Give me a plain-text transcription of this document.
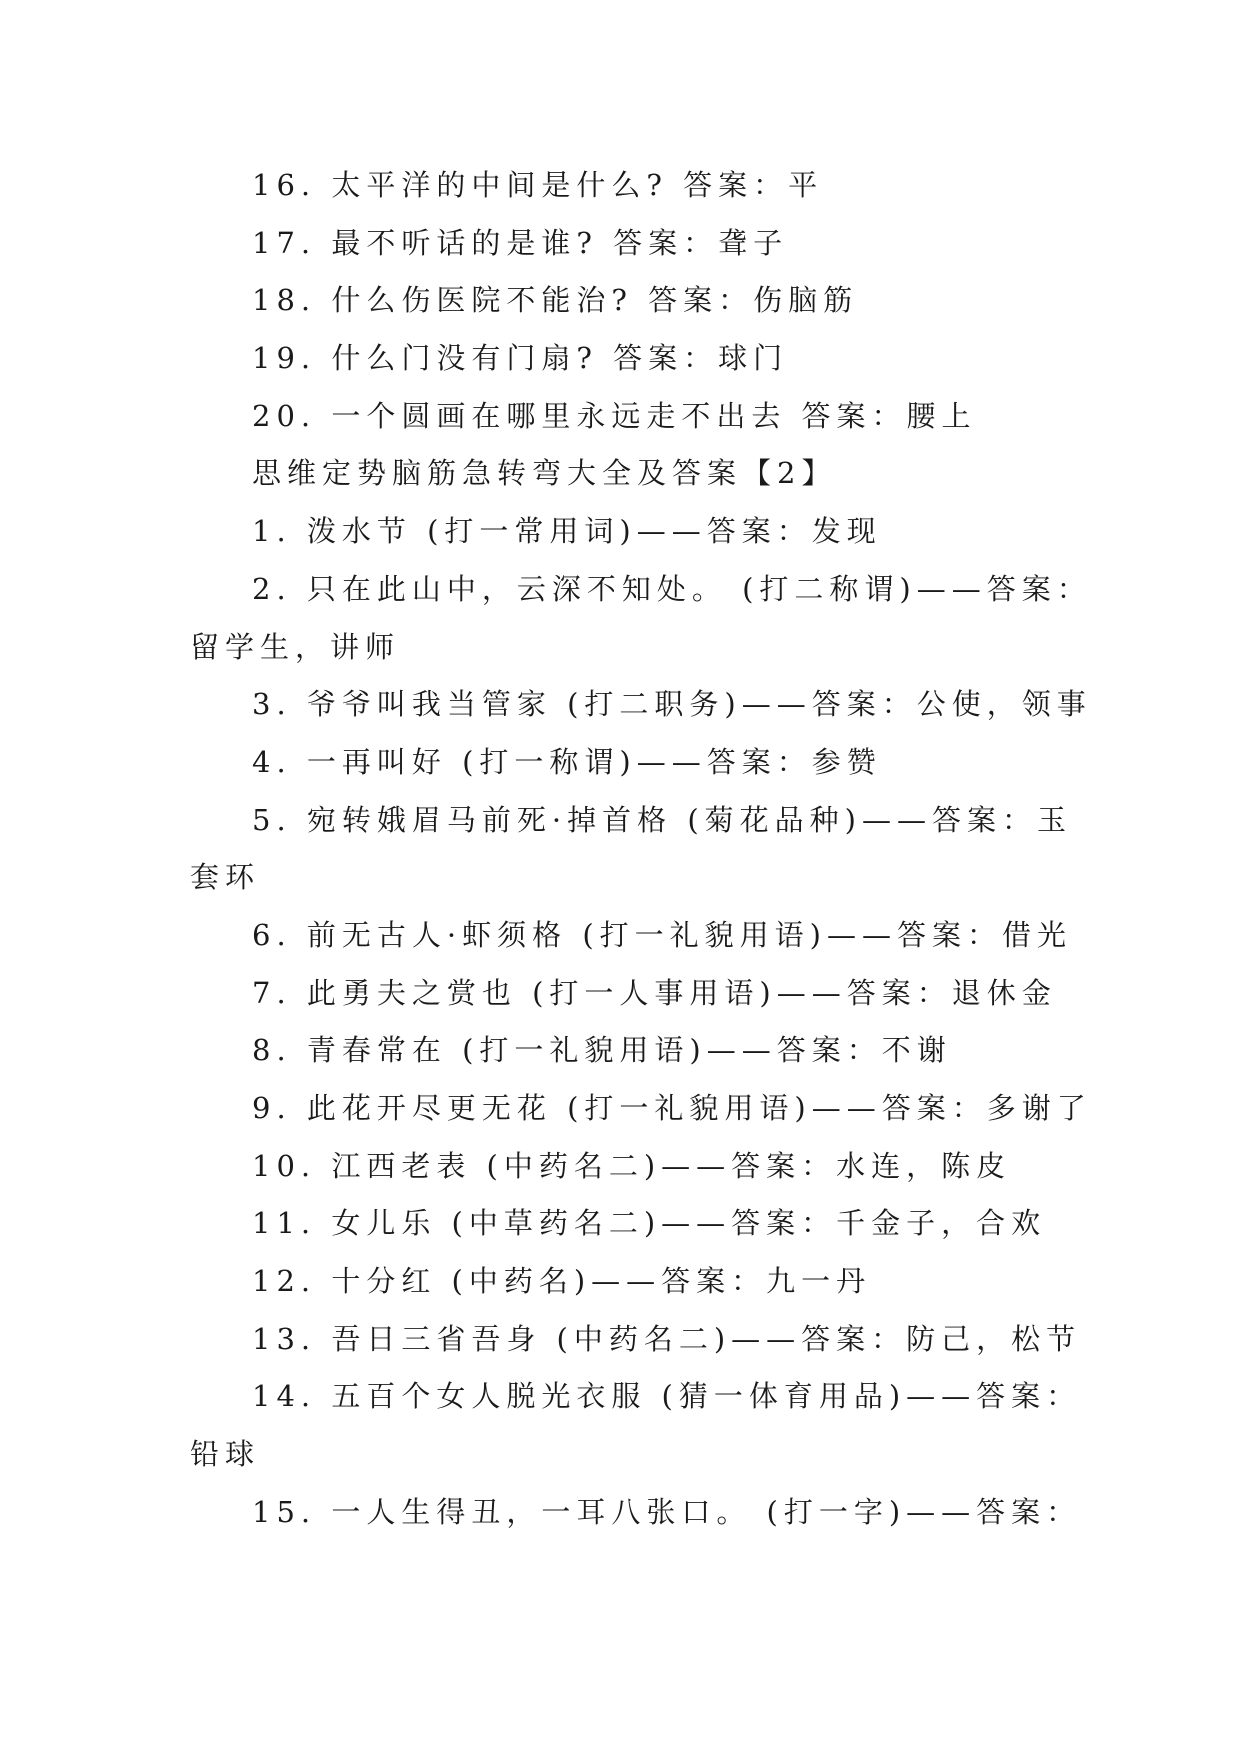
16. 太平洋的中间是什么? 答案：平
17. 最不听话的是谁? 答案：聋子
18. 什么伤医院不能治? 答案：伤脑筋
19. 什么门没有门扇? 答案：球门
20. 一个圆画在哪里永远走不出去 答案：腰上
思维定势脑筋急转弯大全及答案【2】
1. 泼水节 (打一常用词)——答案：发现
2. 只在此山中，云深不知处。 (打二称谓)——答案：
留学生，讲师
3. 爷爷叫我当管家 (打二职务)——答案：公使，领事
4. 一再叫好 (打一称谓)——答案：参赞
5. 宛转娥眉马前死·掉首格 (菊花品种)——答案：玉
套环
6. 前无古人·虾须格 (打一礼貌用语)——答案：借光
7. 此勇夫之赏也 (打一人事用语)——答案：退休金
8. 青春常在 (打一礼貌用语)——答案：不谢
9. 此花开尽更无花 (打一礼貌用语)——答案：多谢了
10. 江西老表 (中药名二)——答案：水连，陈皮
11. 女儿乐 (中草药名二)——答案：千金子，合欢
12. 十分红 (中药名)——答案：九一丹
13. 吾日三省吾身 (中药名二)——答案：防己，松节
14. 五百个女人脱光衣服 (猜一体育用品)——答案：
铅球
15. 一人生得丑，一耳八张口。 (打一字)——答案：
